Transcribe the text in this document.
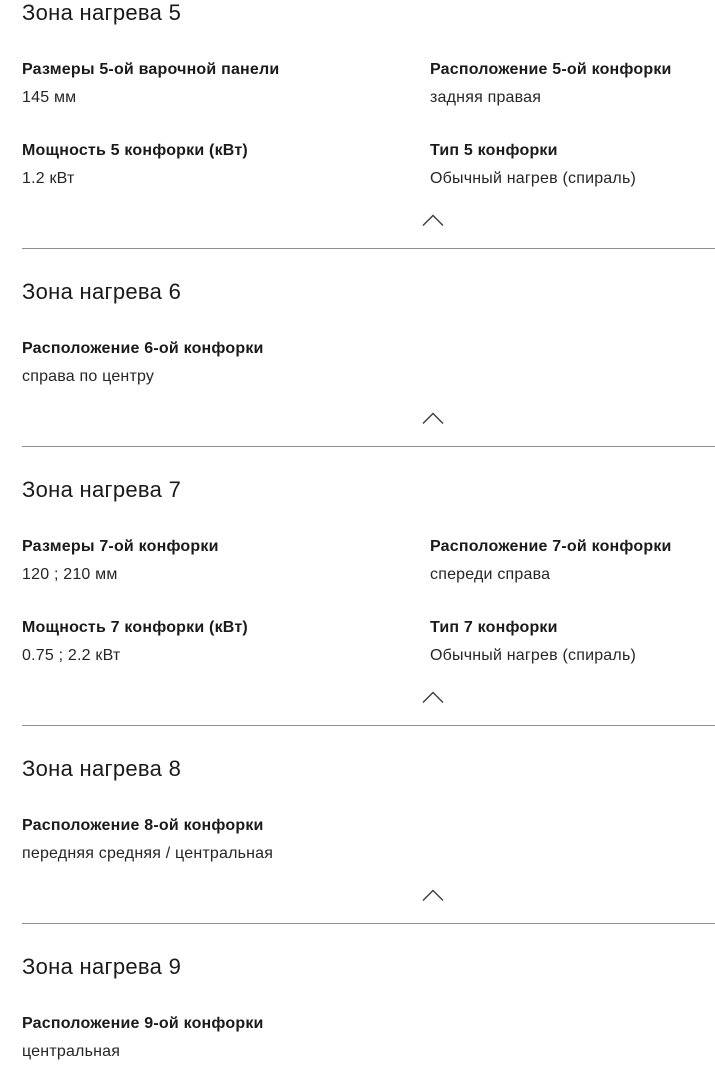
Зона нагрева 5
Размеры 5-ой варочной панели
145 мм
Расположение 5-ой конфорки
задняя правая
Мощность 5 конфорки (кВт)
1.2 кВт
Тип 5 конфорки
Обычный нагрев (спираль)
Зона нагрева 6
Расположение 6-ой конфорки
справа по центру
Зона нагрева 7
Размеры 7-ой конфорки
120 ; 210 мм
Расположение 7-ой конфорки
спереди справа
Мощность 7 конфорки (кВт)
0.75 ; 2.2 кВт
Тип 7 конфорки
Обычный нагрев (спираль)
Зона нагрева 8
Расположение 8-ой конфорки
передняя средняя / центральная
Зона нагрева 9
Расположение 9-ой конфорки
центральная
